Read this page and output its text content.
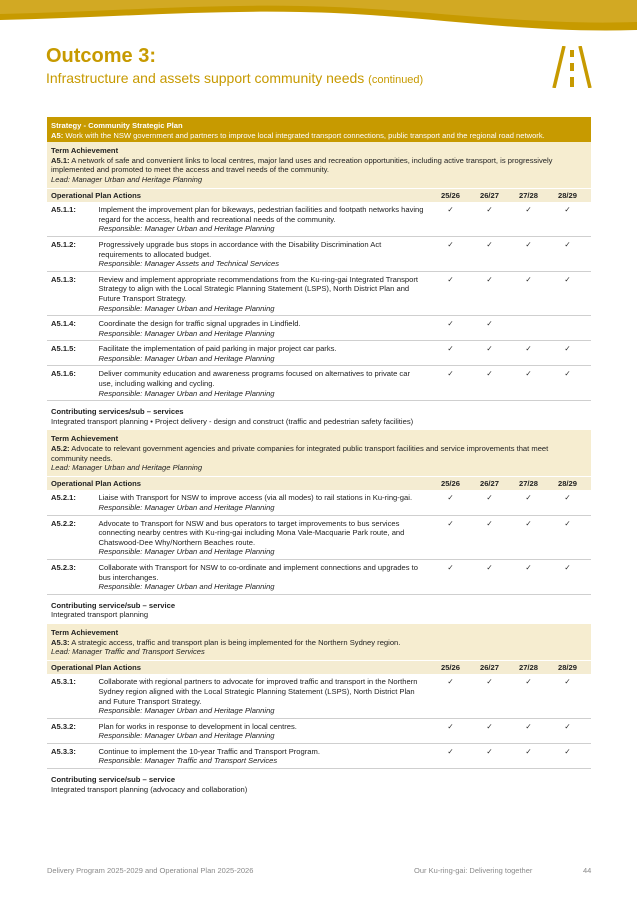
Outcome 3:
Infrastructure and assets support community needs (continued)
Strategy - Community Strategic Plan
A5: Work with the NSW government and partners to improve local integrated transport connections, public transport and the regional road network.
Term Achievement
A5.1: A network of safe and convenient links to local centres, major land uses and recreation opportunities, including active transport, is progressively implemented and promoted to meet the access and travel needs of the community.
Lead: Manager Urban and Heritage Planning
Operational Plan Actions	25/26	26/27	27/28	28/29
A5.1.1:	Implement the improvement plan for bikeways, pedestrian facilities and footpath networks having regard for the access, health and recreational needs of the community.
Responsible: Manager Urban and Heritage Planning
✓	✓	✓	✓
A5.1.2:	Progressively upgrade bus stops in accordance with the Disability Discrimination Act requirements to allocated budget.
Responsible: Manager Assets and Technical Services
✓	✓	✓	✓
A5.1.3:	Review and implement appropriate recommendations from the Ku-ring-gai Integrated Transport Strategy to align with the Local Strategic Planning Statement (LSPS), North District Plan and Future Transport Strategy.
Responsible: Manager Urban and Heritage Planning
✓	✓	✓	✓
A5.1.4:	Coordinate the design for traffic signal upgrades in Lindfield.
Responsible: Manager Urban and Heritage Planning
✓	✓
A5.1.5:	Facilitate the implementation of paid parking in major project car parks.
Responsible: Manager Urban and Heritage Planning
✓	✓	✓	✓
A5.1.6:	Deliver community education and awareness programs focused on alternatives to private car use, including walking and cycling.
Responsible: Manager Urban and Heritage Planning
✓	✓	✓	✓
Contributing services/sub – services
Integrated transport planning • Project delivery - design and construct (traffic and pedestrian safety facilities)
Term Achievement
A5.2: Advocate to relevant government agencies and private companies for integrated public transport facilities and service improvements that meet community needs.
Lead: Manager Urban and Heritage Planning
Operational Plan Actions	25/26	26/27	27/28	28/29
A5.2.1:	Liaise with Transport for NSW to improve access (via all modes) to rail stations in Ku-ring-gai.
Responsible: Manager Urban and Heritage Planning
✓	✓	✓	✓
A5.2.2:	Advocate to Transport for NSW and bus operators to target improvements to bus services connecting nearby centres with Ku-ring-gai including Mona Vale-Macquarie Park route, and Chatswood-Dee Why/Northern Beaches route.
Responsible: Manager Urban and Heritage Planning
✓	✓	✓	✓
A5.2.3:	Collaborate with Transport for NSW to co-ordinate and implement connections and upgrades to bus interchanges.
Responsible: Manager Urban and Heritage Planning
✓	✓	✓	✓
Contributing service/sub – service
Integrated transport planning
Term Achievement
A5.3: A strategic access, traffic and transport plan is being implemented for the Northern Sydney region.
Lead: Manager Traffic and Transport Services
Operational Plan Actions	25/26	26/27	27/28	28/29
A5.3.1:	Collaborate with regional partners to advocate for improved traffic and transport in the Northern Sydney region aligned with the Local Strategic Planning Statement (LSPS), North District Plan and Future Transport Strategy.
Responsible: Manager Urban and Heritage Planning
✓	✓	✓	✓
A5.3.2:	Plan for works in response to development in local centres.
Responsible: Manager Urban and Heritage Planning
✓	✓	✓	✓
A5.3.3:	Continue to implement the 10-year Traffic and Transport Program.
Responsible: Manager Traffic and Transport Services
✓	✓	✓	✓
Contributing service/sub – service
Integrated transport planning (advocacy and collaboration)
Delivery Program 2025-2029 and Operational Plan 2025-2026	Our Ku-ring-gai: Delivering together	44
